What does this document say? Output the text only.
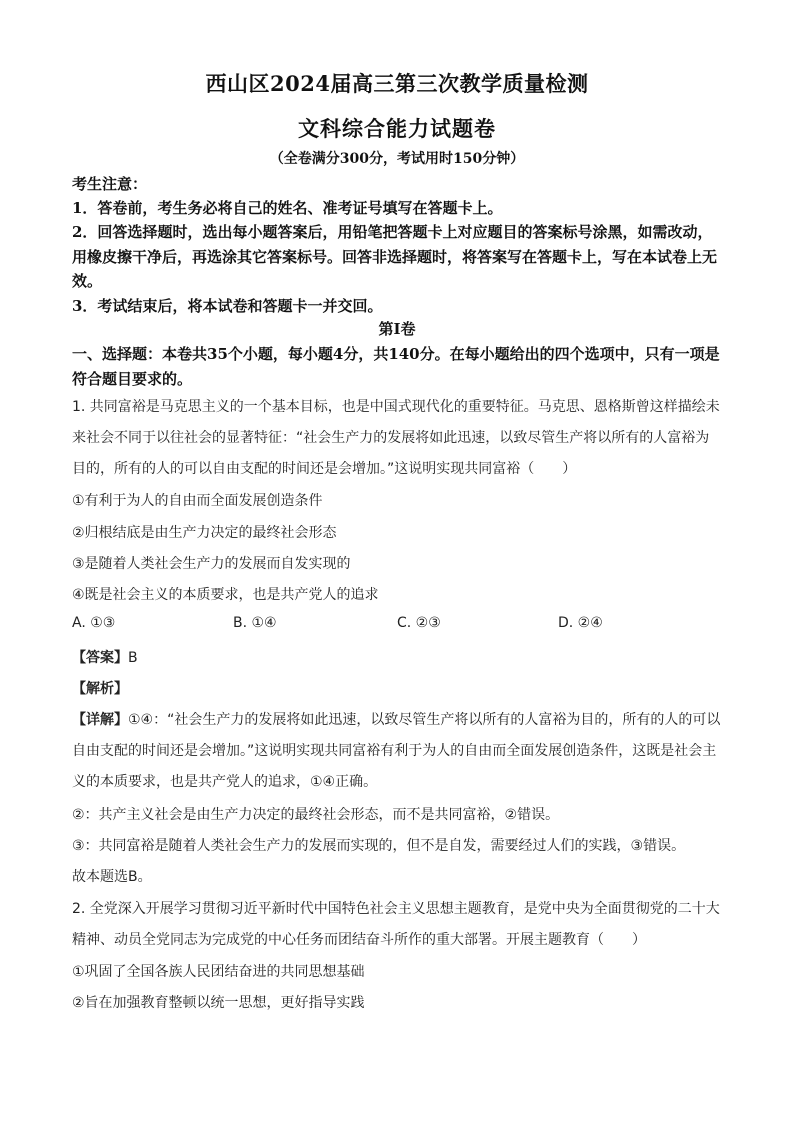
西山区2024届高三第三次教学质量检测
文科综合能力试题卷
（全卷满分300分，考试用时150分钟）
考生注意：
1．答卷前，考生务必将自己的姓名、准考证号填写在答题卡上。
2．回答选择题时，选出每小题答案后，用铅笔把答题卡上对应题目的答案标号涂黑，如需改动，用橡皮擦干净后，再选涂其它答案标号。回答非选择题时，将答案写在答题卡上，写在本试卷上无效。
3．考试结束后，将本试卷和答题卡一并交回。
第Ⅰ卷
一、选择题：本卷共35个小题，每小题4分，共140分。在每小题给出的四个选项中，只有一项是符合题目要求的。
1. 共同富裕是马克思主义的一个基本目标，也是中国式现代化的重要特征。马克思、恩格斯曾这样描绘未来社会不同于以往社会的显著特征：“社会生产力的发展将如此迅速，以致尽管生产将以所有的人富裕为目的，所有的人的可以自由支配的时间还是会增加。”这说明实现共同富裕（　　）
①有利于为人的自由而全面发展创造条件
②归根结底是由生产力决定的最终社会形态
③是随着人类社会生产力的发展而自发实现的
④既是社会主义的本质要求，也是共产党人的追求
A. ①③	B. ①④	C. ②③	D. ②④
【答案】B
【解析】
【详解】①④：“社会生产力的发展将如此迅速，以致尽管生产将以所有的人富裕为目的，所有的人的可以自由支配的时间还是会增加。”这说明实现共同富裕有利于为人的自由而全面发展创造条件，这既是社会主义的本质要求，也是共产党人的追求，①④正确。
②：共产主义社会是由生产力决定的最终社会形态，而不是共同富裕，②错误。
③：共同富裕是随着人类社会生产力的发展而实现的，但不是自发，需要经过人们的实践，③错误。
故本题选B。
2. 全党深入开展学习贯彻习近平新时代中国特色社会主义思想主题教育，是党中央为全面贯彻党的二十大精神、动员全党同志为完成党的中心任务而团结奋斗所作的重大部署。开展主题教育（　　）
①巩固了全国各族人民团结奋进的共同思想基础
②旨在加强教育整顿以统一思想，更好指导实践
